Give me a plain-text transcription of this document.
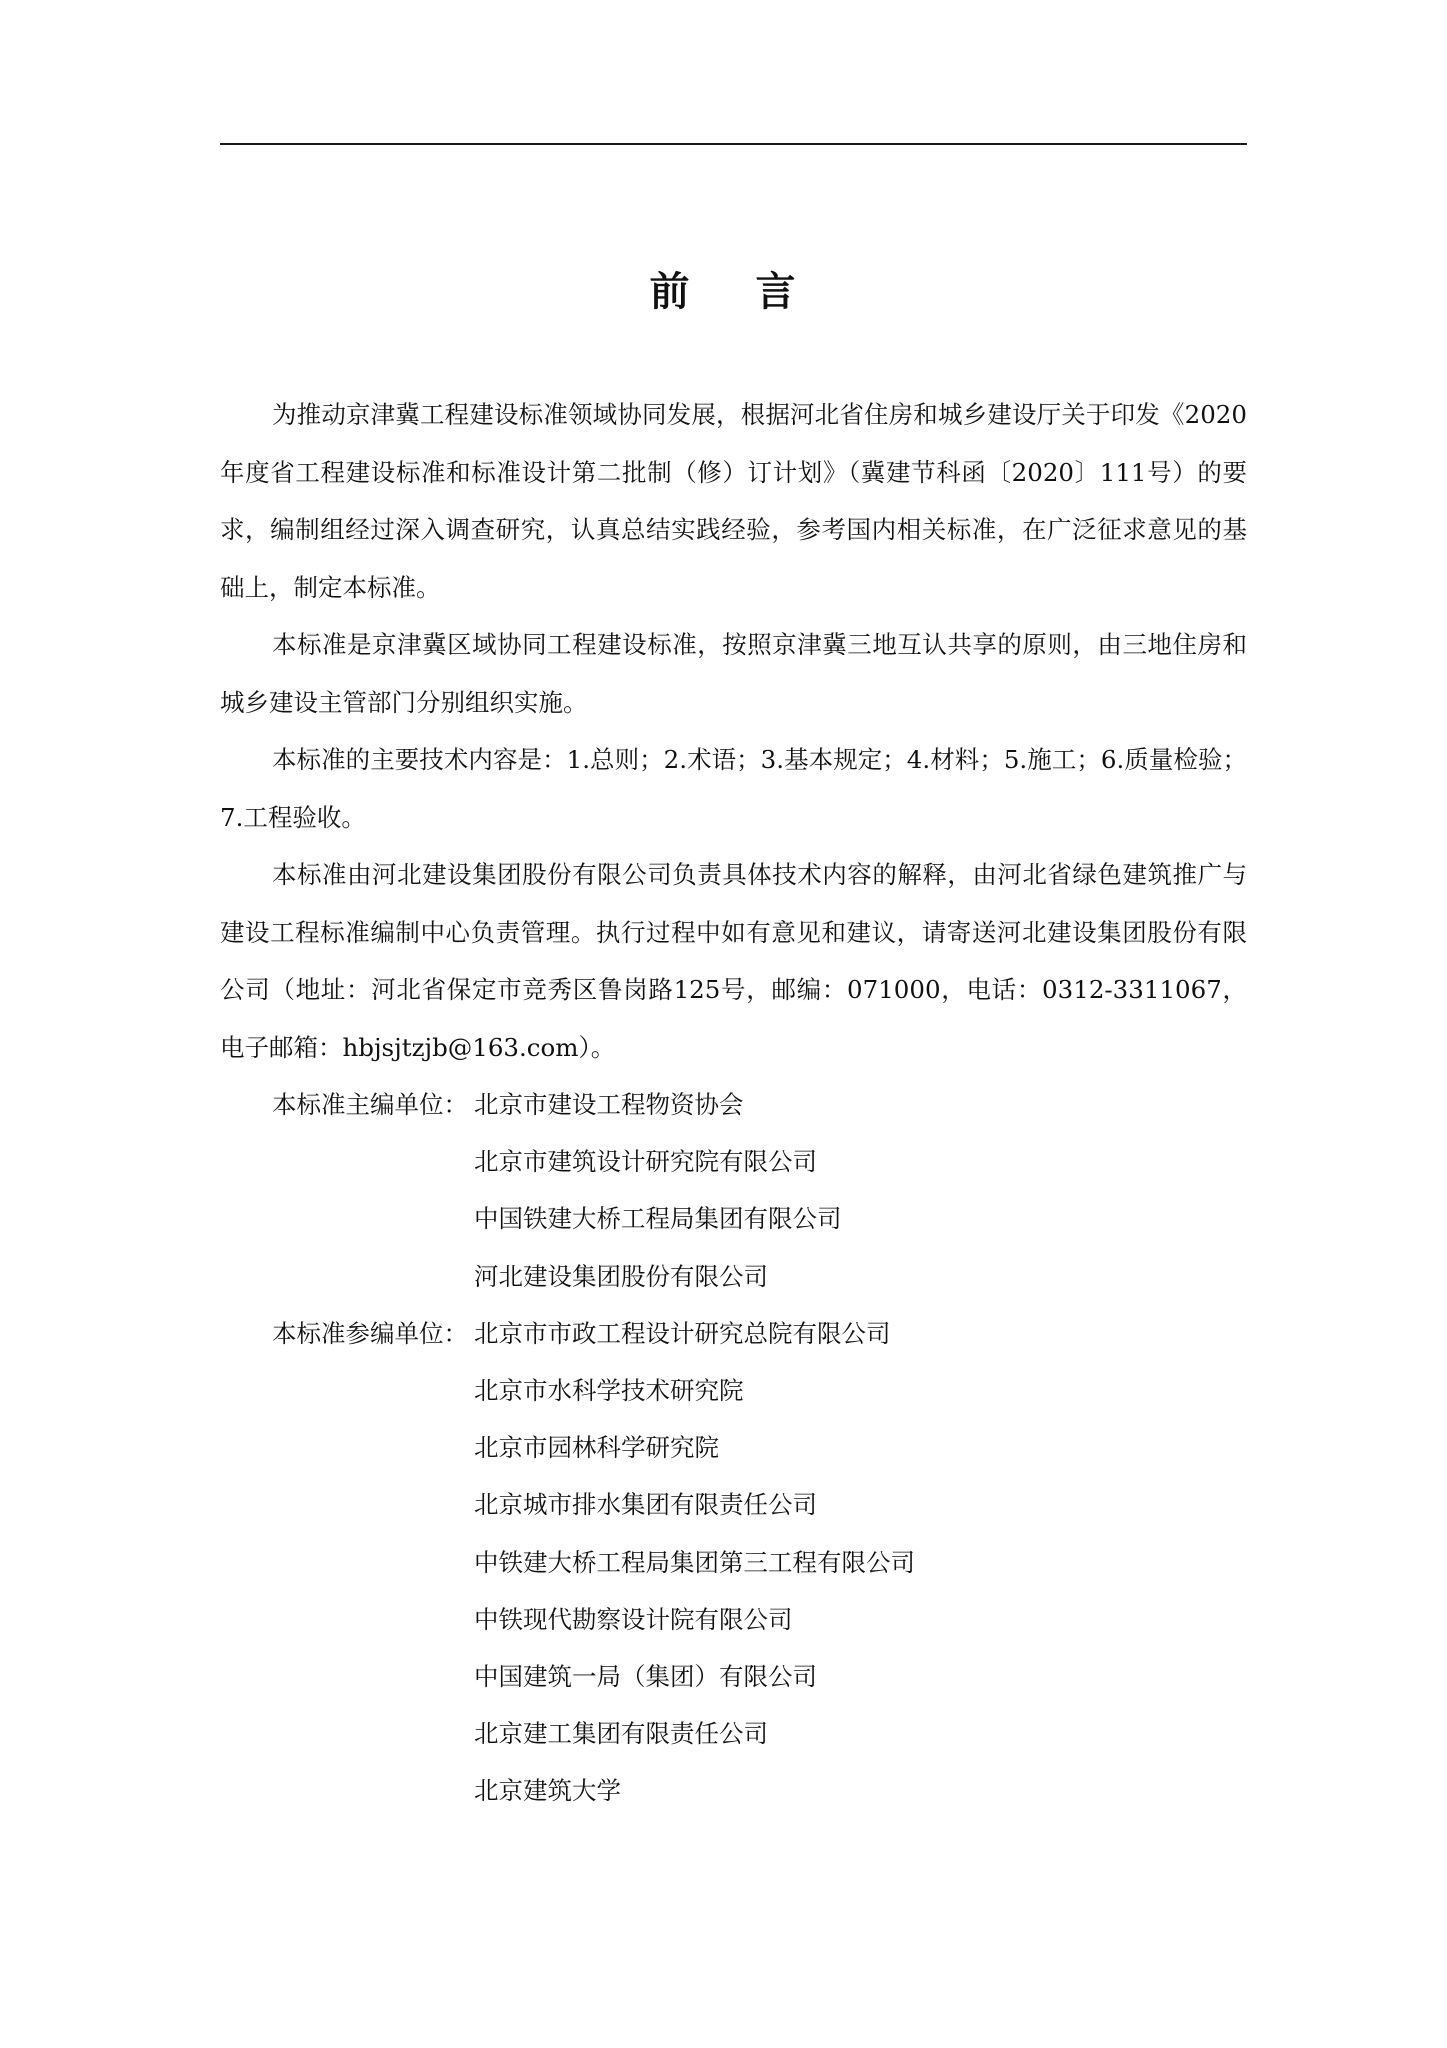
前 言

为推动京津冀工程建设标准领域协同发展，根据河北省住房和城乡建设厅关于印发《2020年度省工程建设标准和标准设计第二批制（修）订计划》（冀建节科函〔2020〕111号）的要求，编制组经过深入调查研究，认真总结实践经验，参考国内相关标准，在广泛征求意见的基础上，制定本标准。

本标准是京津冀区域协同工程建设标准，按照京津冀三地互认共享的原则，由三地住房和城乡建设主管部门分别组织实施。

本标准的主要技术内容是：1.总则；2.术语；3.基本规定；4.材料；5.施工；6.质量检验；7.工程验收。

本标准由河北建设集团股份有限公司负责具体技术内容的解释，由河北省绿色建筑推广与建设工程标准编制中心负责管理。执行过程中如有意见和建议，请寄送河北建设集团股份有限公司（地址：河北省保定市竞秀区鲁岗路125号，邮编：071000，电话：0312-3311067，电子邮箱：hbjsjtzjb@163.com）。

本标准主编单位： 北京市建设工程物资协会
北京市建筑设计研究院有限公司
中国铁建大桥工程局集团有限公司
河北建设集团股份有限公司
本标准参编单位： 北京市市政工程设计研究总院有限公司
北京市水科学技术研究院
北京市园林科学研究院
北京城市排水集团有限责任公司
中铁建大桥工程局集团第三工程有限公司
中铁现代勘察设计院有限公司
中国建筑一局（集团）有限公司
北京建工集团有限责任公司
北京建筑大学
